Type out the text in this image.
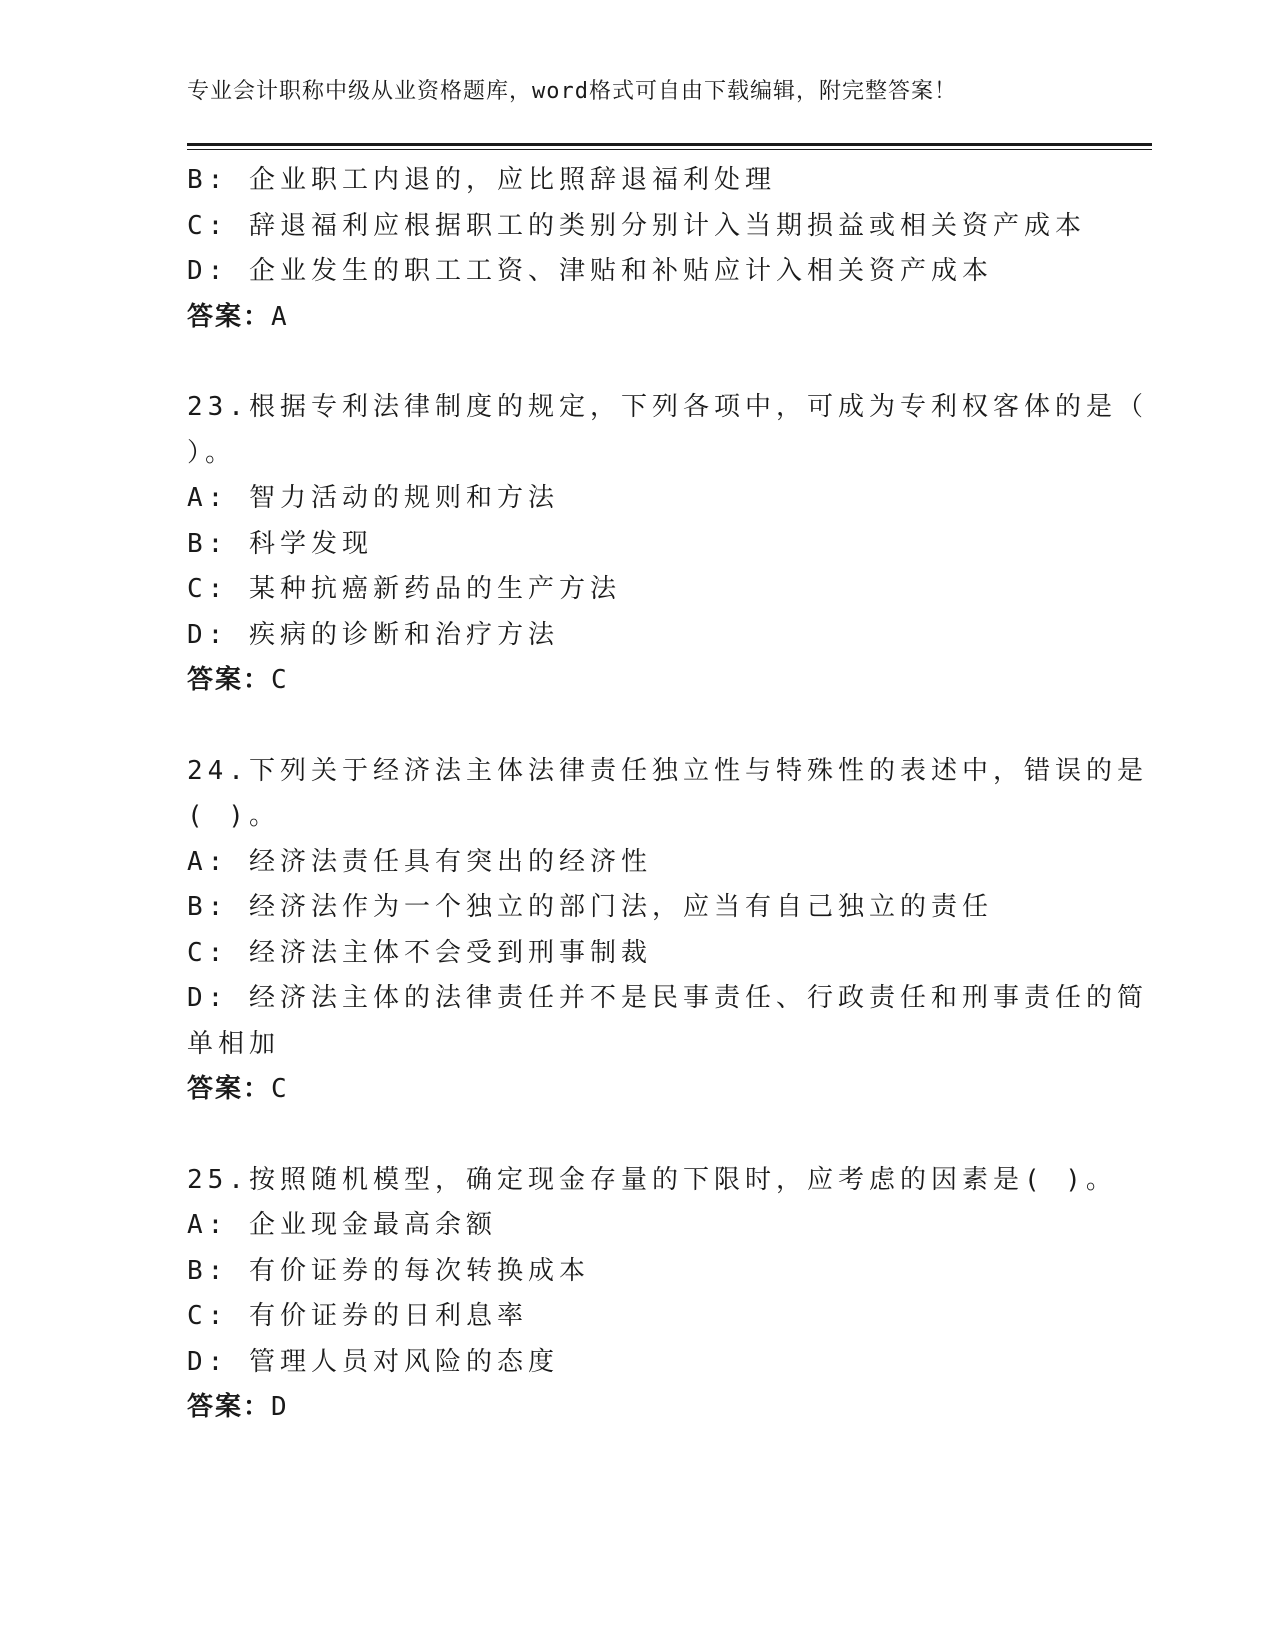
专业会计职称中级从业资格题库，word格式可自由下载编辑，附完整答案！
B: 企业职工内退的，应比照辞退福利处理
C: 辞退福利应根据职工的类别分别计入当期损益或相关资产成本
D: 企业发生的职工工资、津贴和补贴应计入相关资产成本
答案：A
23.根据专利法律制度的规定，下列各项中，可成为专利权客体的是（
）。
A: 智力活动的规则和方法
B: 科学发现
C: 某种抗癌新药品的生产方法
D: 疾病的诊断和治疗方法
答案：C
24.下列关于经济法主体法律责任独立性与特殊性的表述中，错误的是
( )。
A: 经济法责任具有突出的经济性
B: 经济法作为一个独立的部门法，应当有自己独立的责任
C: 经济法主体不会受到刑事制裁
D: 经济法主体的法律责任并不是民事责任、行政责任和刑事责任的简
单相加
答案：C
25.按照随机模型，确定现金存量的下限时，应考虑的因素是( )。
A: 企业现金最高余额
B: 有价证券的每次转换成本
C: 有价证券的日利息率
D: 管理人员对风险的态度
答案：D
